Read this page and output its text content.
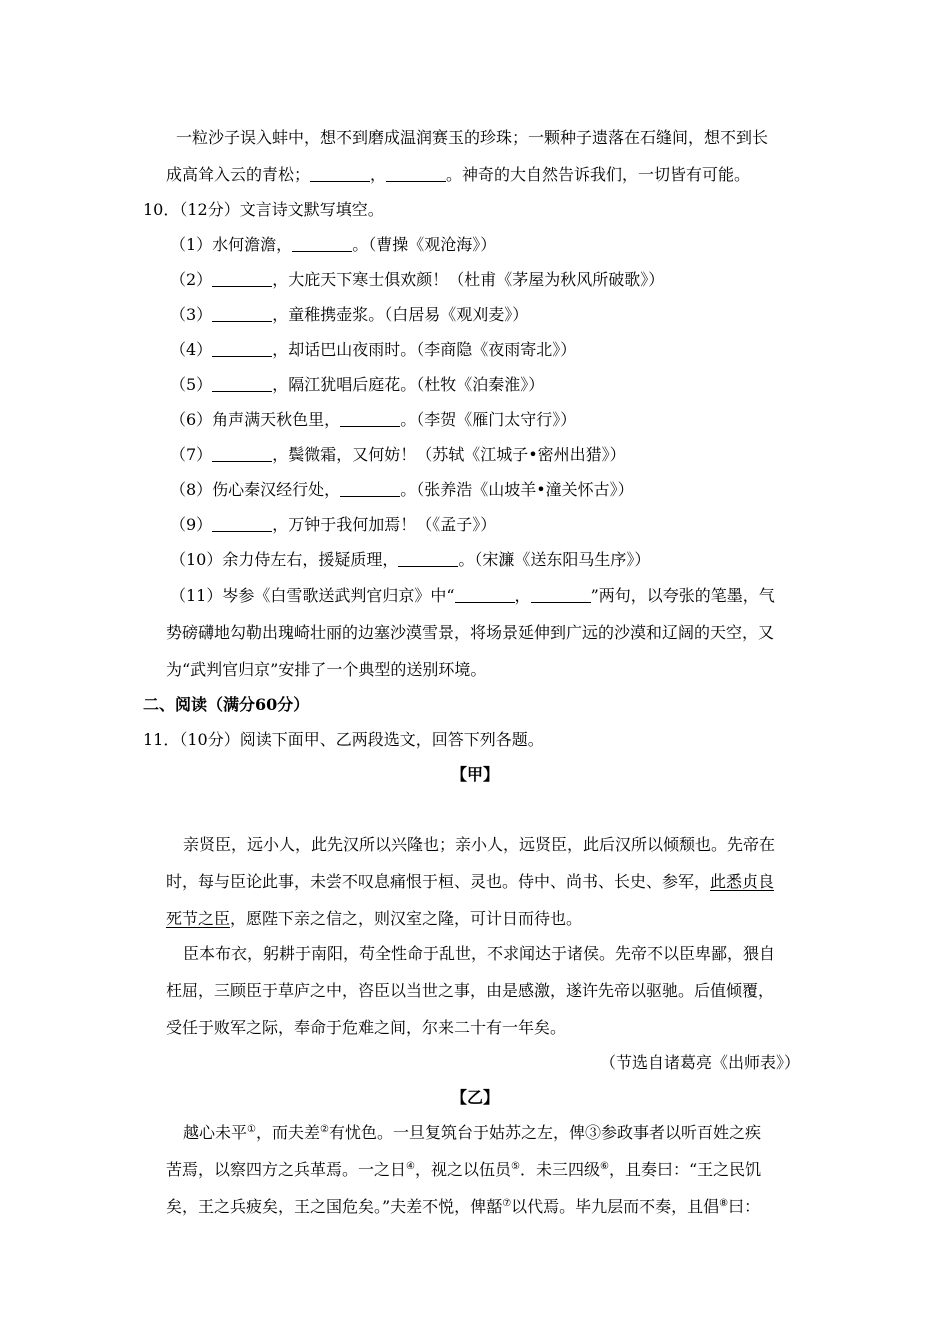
一粒沙子误入蚌中，想不到磨成温润赛玉的珍珠；一颗种子遗落在石缝间，想不到长
成高耸入云的青松；	，	。神奇的大自然告诉我们，一切皆有可能。
10．（12分）文言诗文默写填空。
（1）水何澹澹，	。（曹操《观沧海》）
（2）	，大庇天下寒士俱欢颜！（杜甫《茅屋为秋风所破歌》）
（3）	，童稚携壶浆。（白居易《观刈麦》）
（4）	，却话巴山夜雨时。（李商隐《夜雨寄北》）
（5）	，隔江犹唱后庭花。（杜牧《泊秦淮》）
（6）角声满天秋色里，	。（李贺《雁门太守行》）
（7）	，鬓微霜，又何妨！（苏轼《江城子•密州出猎》）
（8）伤心秦汉经行处，	。（张养浩《山坡羊•潼关怀古》）
（9）	，万钟于我何加焉！（《孟子》）
（10）余力侍左右，援疑质理，	。（宋濂《送东阳马生序》）
（11）岑参《白雪歌送武判官归京》中“	，	”两句，以夸张的笔墨，气
势磅礴地勾勒出瑰崎壮丽的边塞沙漠雪景，将场景延伸到广远的沙漠和辽阔的天空，又
为“武判官归京”安排了一个典型的送别环境。
二、阅读（满分60分）
11．（10分）阅读下面甲、乙两段选文，回答下列各题。
【甲】
亲贤臣，远小人，此先汉所以兴隆也；亲小人，远贤臣，此后汉所以倾颓也。先帝在
时，每与臣论此事，未尝不叹息痛恨于桓、灵也。侍中、尚书、长史、参军，此悉贞良
死节之臣，愿陛下亲之信之，则汉室之隆，可计日而待也。
臣本布衣，躬耕于南阳，苟全性命于乱世，不求闻达于诸侯。先帝不以臣卑鄙，猥自
枉屈，三顾臣于草庐之中，咨臣以当世之事，由是感激，遂许先帝以驱驰。后值倾覆，
受任于败军之际，奉命于危难之间，尔来二十有一年矣。
（节选自诸葛亮《出师表》）
【乙】
越心未平①，而夫差②有忧色。一旦复筑台于姑苏之左，俾③参政事者以听百姓之疾
苦焉，以察四方之兵革焉。一之日④，视之以伍员⑤．未三四级⑥，且奏曰：“王之民饥
矣，王之兵疲矣，王之国危矣。”夫差不悦，俾嚭⑦以代焉。毕九层而不奏，且倡⑧曰：
